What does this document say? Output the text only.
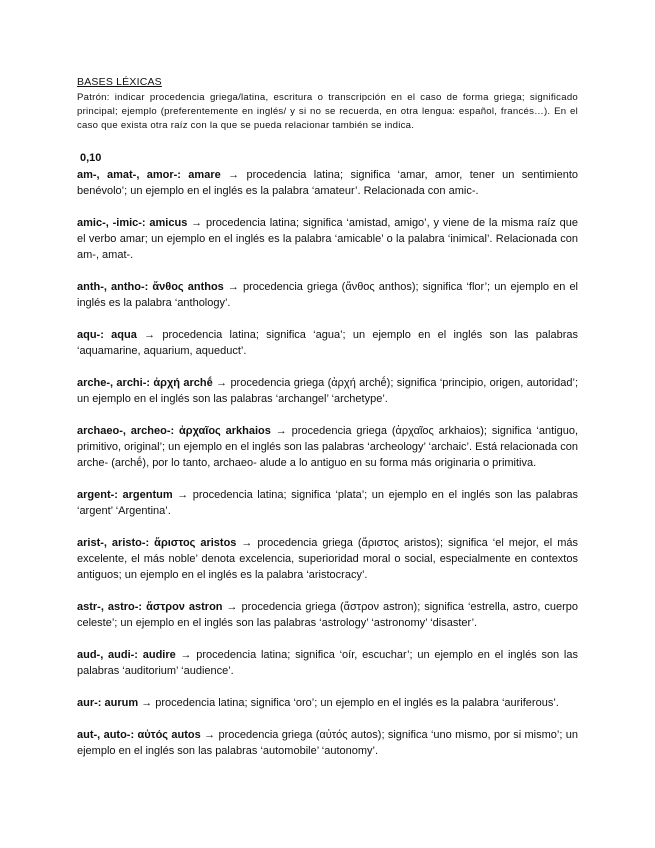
BASES LÉXICAS

Patrón: indicar procedencia griega/latina, escritura o transcripción en el caso de forma griega; significado principal; ejemplo (preferentemente en inglés/ y si no se recuerda, en otra lengua: español, francés…). En el caso que exista otra raíz con la que se pueda relacionar también se indica.

0,10
am-, amat-, amor-: amare → procedencia latina; significa ‘amar, amor, tener un sentimiento benévolo’; un ejemplo en el inglés es la palabra ‘amateur’. Relacionada con amic-.
amic-, -imic-: amicus → procedencia latina; significa ‘amistad, amigo’, y viene de la misma raíz que el verbo amar; un ejemplo en el inglés es la palabra ‘amicable’ o la palabra ‘inimical’. Relacionada con am-, amat-.
anth-, antho-: ἄνθος anthos → procedencia griega (ἄνθος anthos); significa ‘flor’; un ejemplo en el inglés es la palabra ‘anthology’.
aqu-: aqua → procedencia latina; significa ‘agua’; un ejemplo en el inglés son las palabras ‘aquamarine, aquarium, aqueduct’.
arche-, archi-: ἀρχή archḗ → procedencia griega (ἀρχή archḗ); significa ‘principio, origen, autoridad’; un ejemplo en el inglés son las palabras ‘archangel’ ‘archetype’.
archaeo-, archeo-: ἀρχαῖος arkhaios → procedencia griega (ἀρχαῖος arkhaios); significa ‘antiguo, primitivo, original’; un ejemplo en el inglés son las palabras ‘archeology’ ‘archaic’. Está relacionada con arche- (archḗ), por lo tanto, archaeo- alude a lo antiguo en su forma más originaria o primitiva.
argent-: argentum → procedencia latina; significa ‘plata’; un ejemplo en el inglés son las palabras ‘argent’ ‘Argentina’.
arist-, aristo-: ἄριστος aristos → procedencia griega (ἄριστος aristos); significa ‘el mejor, el más excelente, el más noble’ denota excelencia, superioridad moral o social, especialmente en contextos antiguos; un ejemplo en el inglés es la palabra ‘aristocracy’.
astr-, astro-: ἄστρον astron → procedencia griega (ἄστρον astron); significa ‘estrella, astro, cuerpo celeste’; un ejemplo en el inglés son las palabras ‘astrology’ ‘astronomy’ ‘disaster’.
aud-, audi-: audire → procedencia latina; significa ‘oír, escuchar’; un ejemplo en el inglés son las palabras ‘auditorium’ ‘audience’.
aur-: aurum → procedencia latina; significa ‘oro’; un ejemplo en el inglés es la palabra ‘auriferous’.
aut-, auto-: αὐτός autos → procedencia griega (αὐτός autos); significa ‘uno mismo, por si mismo’; un ejemplo en el inglés son las palabras ‘automobile’ ‘autonomy’.
